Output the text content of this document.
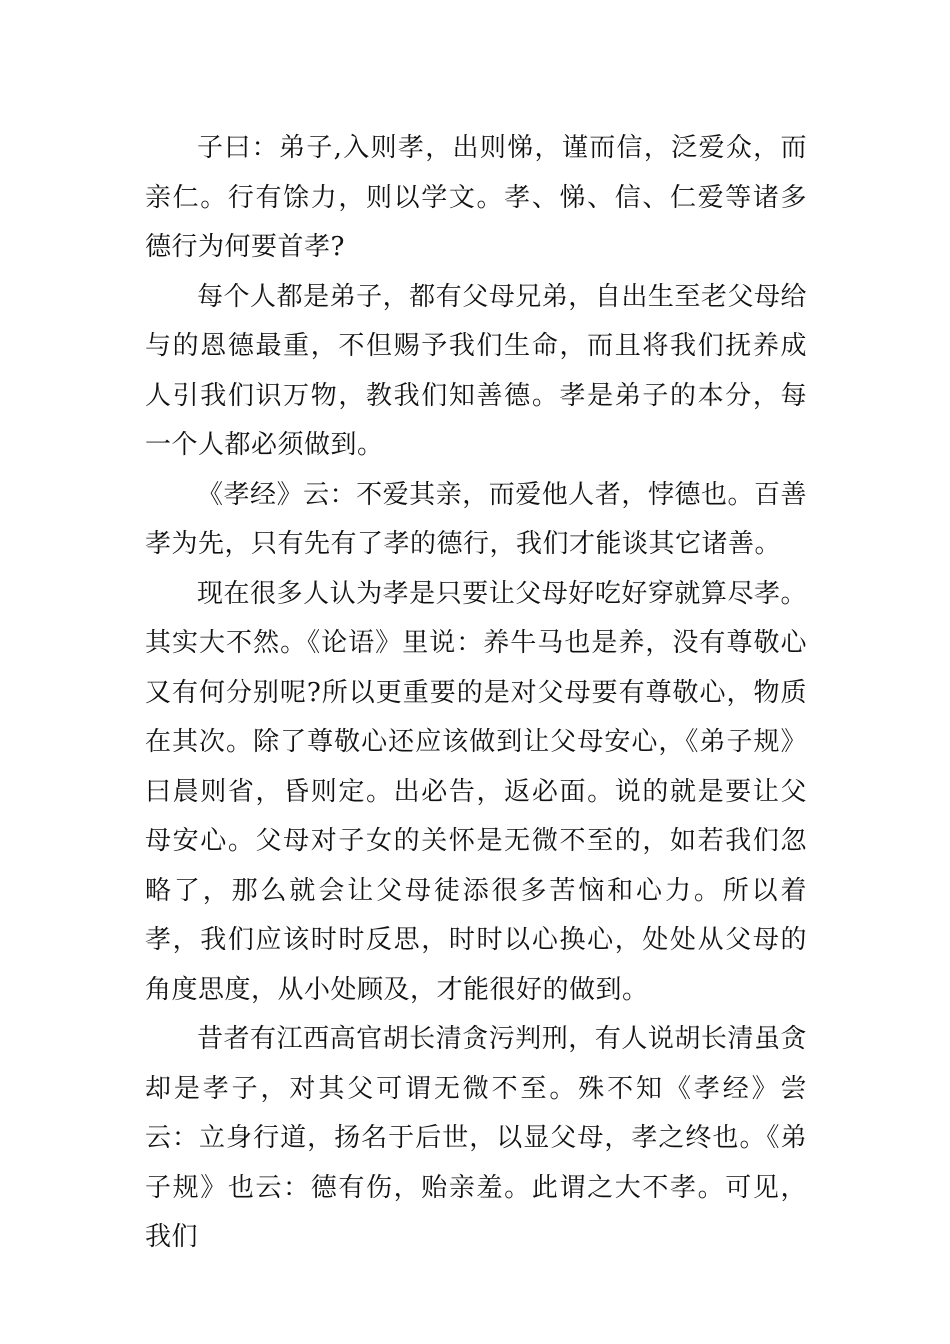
子曰：弟子,入则孝，出则悌，谨而信，泛爱众，而亲仁。行有馀力，则以学文。孝、悌、信、仁爱等诸多德行为何要首孝?

每个人都是弟子，都有父母兄弟，自出生至老父母给与的恩德最重，不但赐予我们生命，而且将我们抚养成人引我们识万物，教我们知善德。孝是弟子的本分，每一个人都必须做到。

《孝经》云：不爱其亲，而爱他人者，悖德也。百善孝为先，只有先有了孝的德行，我们才能谈其它诸善。

现在很多人认为孝是只要让父母好吃好穿就算尽孝。其实大不然。《论语》里说：养牛马也是养，没有尊敬心又有何分别呢?所以更重要的是对父母要有尊敬心，物质在其次。除了尊敬心还应该做到让父母安心，《弟子规》曰晨则省，昏则定。出必告，返必面。说的就是要让父母安心。父母对子女的关怀是无微不至的，如若我们忽略了，那么就会让父母徒添很多苦恼和心力。所以着孝，我们应该时时反思，时时以心换心，处处从父母的角度思度，从小处顾及，才能很好的做到。

昔者有江西高官胡长清贪污判刑，有人说胡长清虽贪却是孝子，对其父可谓无微不至。殊不知《孝经》尝云：立身行道，扬名于后世，以显父母，孝之终也。《弟子规》也云：德有伤，贻亲羞。此谓之大不孝。可见，我们
